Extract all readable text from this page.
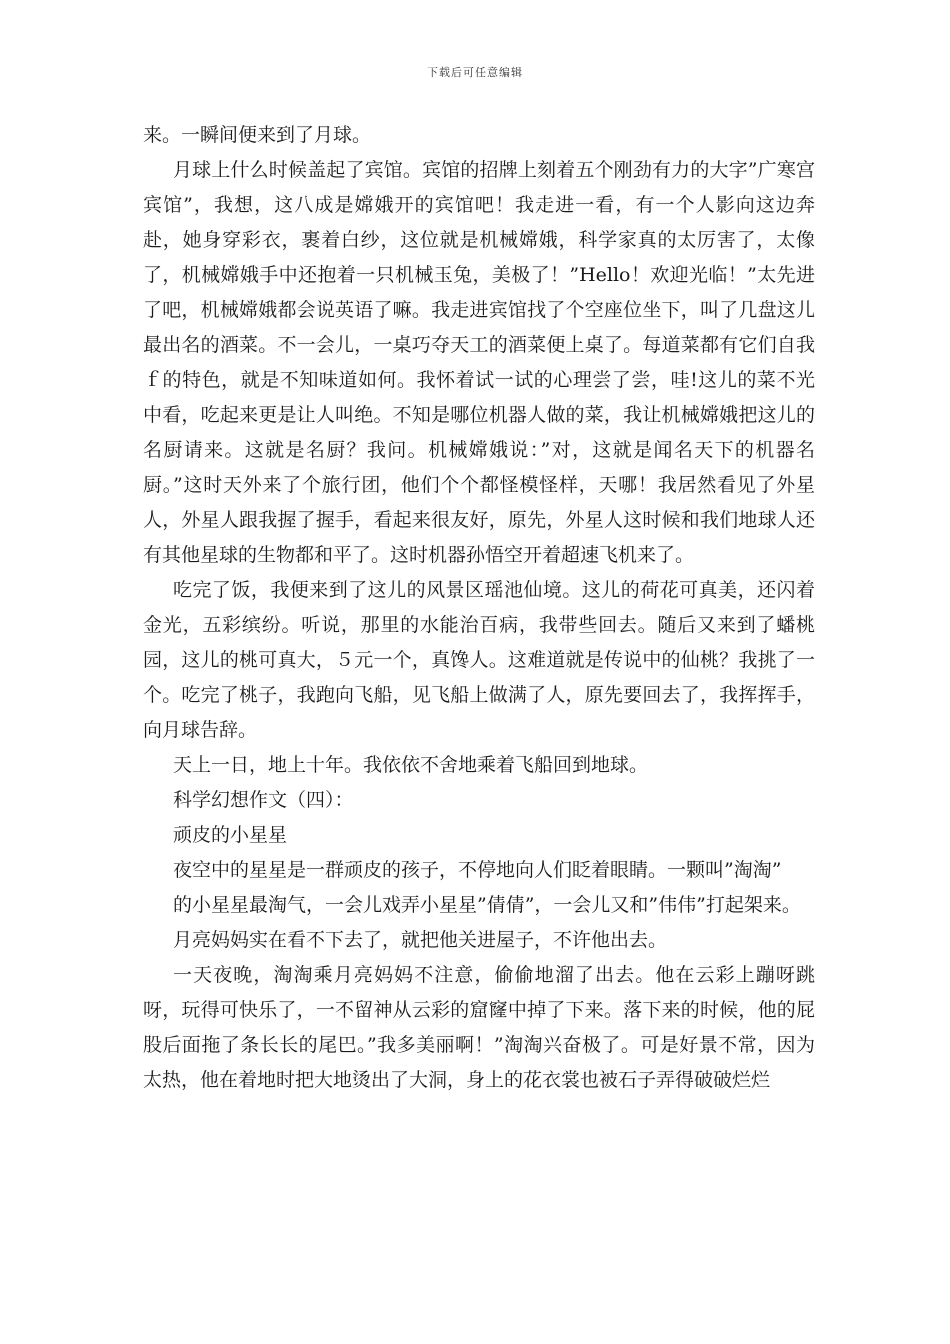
下载后可任意编辑

来。一瞬间便来到了月球。

月球上什么时候盖起了宾馆。宾馆的招牌上刻着五个刚劲有力的大字”广寒宫宾馆”，我想，这八成是嫦娥开的宾馆吧！我走进一看，有一个人影向这边奔赴，她身穿彩衣，裹着白纱，这位就是机械嫦娥，科学家真的太厉害了，太像了，机械嫦娥手中还抱着一只机械玉兔，美极了！”Hello！欢迎光临！”太先进了吧，机械嫦娥都会说英语了嘛。我走进宾馆找了个空座位坐下，叫了几盘这儿最出名的酒菜。不一会儿，一桌巧夺天工的酒菜便上桌了。每道菜都有它们自我ｆ的特色，就是不知味道如何。我怀着试一试的心理尝了尝，哇!这儿的菜不光中看，吃起来更是让人叫绝。不知是哪位机器人做的菜，我让机械嫦娥把这儿的名厨请来。这就是名厨？我问。机械嫦娥说：”对，这就是闻名天下的机器名厨。”这时天外来了个旅行团，他们个个都怪模怪样，天哪！我居然看见了外星人，外星人跟我握了握手，看起来很友好，原先，外星人这时候和我们地球人还有其他星球的生物都和平了。这时机器孙悟空开着超速飞机来了。

吃完了饭，我便来到了这儿的风景区瑶池仙境。这儿的荷花可真美，还闪着金光，五彩缤纷。听说，那里的水能治百病，我带些回去。随后又来到了蟠桃园，这儿的桃可真大，５元一个，真馋人。这难道就是传说中的仙桃？我挑了一个。吃完了桃子，我跑向飞船，见飞船上做满了人，原先要回去了，我挥挥手，向月球告辞。

天上一日，地上十年。我依依不舍地乘着飞船回到地球。

科学幻想作文（四）：

顽皮的小星星

夜空中的星星是一群顽皮的孩子，不停地向人们眨着眼睛。一颗叫”淘淘”

的小星星最淘气，一会儿戏弄小星星”倩倩”，一会儿又和”伟伟”打起架来。

月亮妈妈实在看不下去了，就把他关进屋子，不许他出去。

一天夜晚，淘淘乘月亮妈妈不注意，偷偷地溜了出去。他在云彩上蹦呀跳呀，玩得可快乐了，一不留神从云彩的窟窿中掉了下来。落下来的时候，他的屁股后面拖了条长长的尾巴。”我多美丽啊！”淘淘兴奋极了。可是好景不常，因为太热，他在着地时把大地烫出了大洞，身上的花衣裳也被石子弄得破破烂烂
